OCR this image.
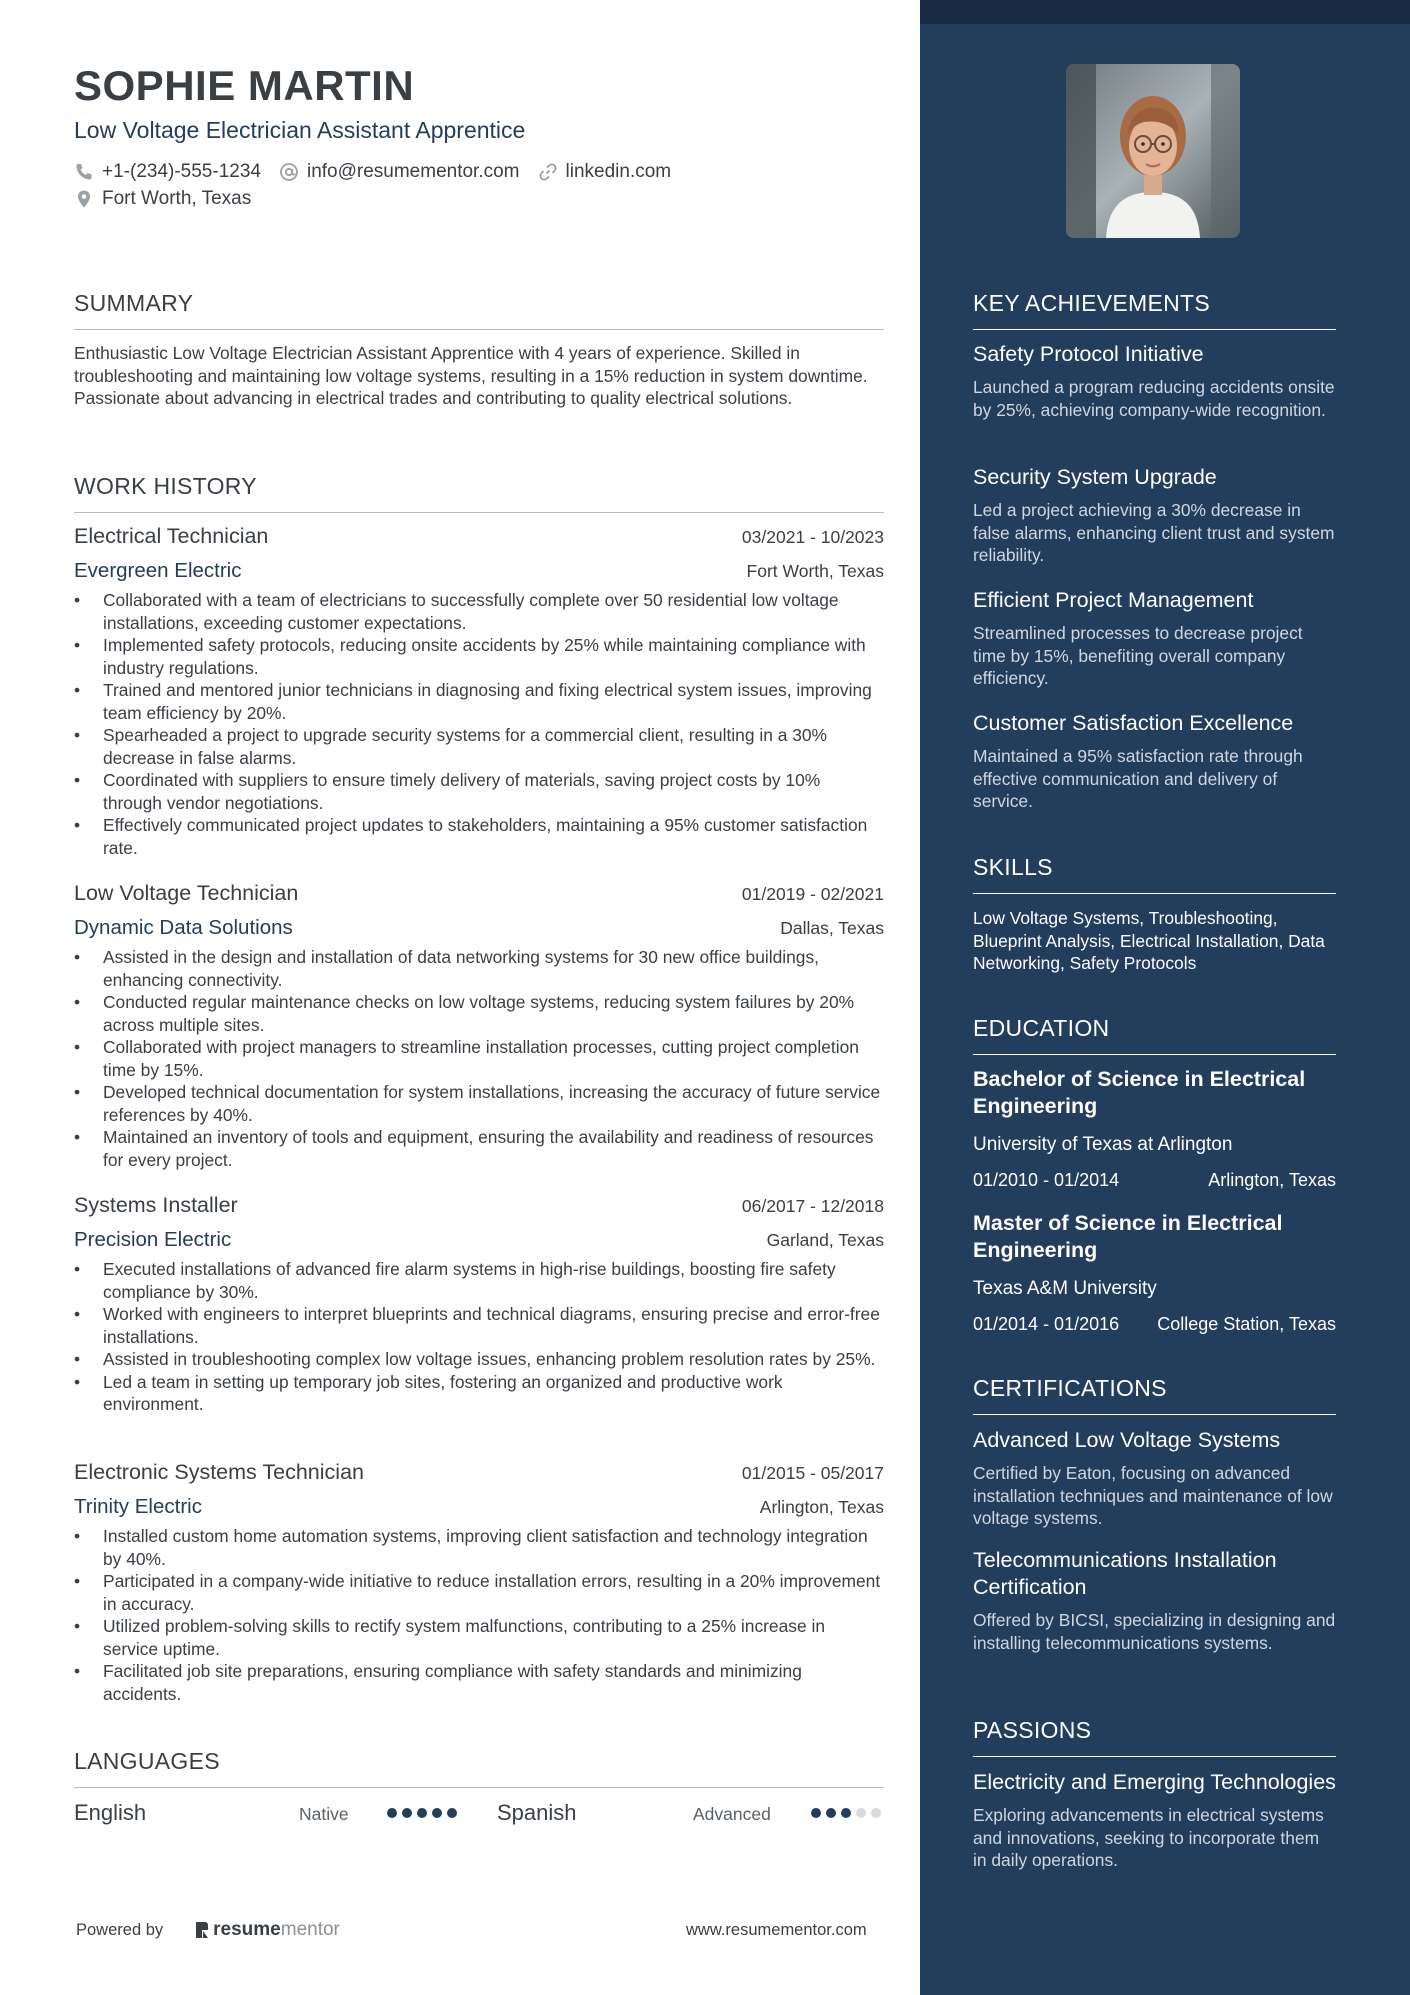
SOPHIE MARTIN
Low Voltage Electrician Assistant Apprentice
+1-(234)-555-1234 info@resumementor.com linkedin.com
Fort Worth, Texas
SUMMARY
Enthusiastic Low Voltage Electrician Assistant Apprentice with 4 years of experience. Skilled in troubleshooting and maintaining low voltage systems, resulting in a 15% reduction in system downtime. Passionate about advancing in electrical trades and contributing to quality electrical solutions.
WORK HISTORY
Electrical Technician	03/2021 - 10/2023
Evergreen Electric	Fort Worth, Texas
• Collaborated with a team of electricians to successfully complete over 50 residential low voltage installations, exceeding customer expectations.
• Implemented safety protocols, reducing onsite accidents by 25% while maintaining compliance with industry regulations.
• Trained and mentored junior technicians in diagnosing and fixing electrical system issues, improving team efficiency by 20%.
• Spearheaded a project to upgrade security systems for a commercial client, resulting in a 30% decrease in false alarms.
• Coordinated with suppliers to ensure timely delivery of materials, saving project costs by 10% through vendor negotiations.
• Effectively communicated project updates to stakeholders, maintaining a 95% customer satisfaction rate.
Low Voltage Technician	01/2019 - 02/2021
Dynamic Data Solutions	Dallas, Texas
• Assisted in the design and installation of data networking systems for 30 new office buildings, enhancing connectivity.
• Conducted regular maintenance checks on low voltage systems, reducing system failures by 20% across multiple sites.
• Collaborated with project managers to streamline installation processes, cutting project completion time by 15%.
• Developed technical documentation for system installations, increasing the accuracy of future service references by 40%.
• Maintained an inventory of tools and equipment, ensuring the availability and readiness of resources for every project.
Systems Installer	06/2017 - 12/2018
Precision Electric	Garland, Texas
• Executed installations of advanced fire alarm systems in high-rise buildings, boosting fire safety compliance by 30%.
• Worked with engineers to interpret blueprints and technical diagrams, ensuring precise and error-free installations.
• Assisted in troubleshooting complex low voltage issues, enhancing problem resolution rates by 25%.
• Led a team in setting up temporary job sites, fostering an organized and productive work environment.
Electronic Systems Technician	01/2015 - 05/2017
Trinity Electric	Arlington, Texas
• Installed custom home automation systems, improving client satisfaction and technology integration by 40%.
• Participated in a company-wide initiative to reduce installation errors, resulting in a 20% improvement in accuracy.
• Utilized problem-solving skills to rectify system malfunctions, contributing to a 25% increase in service uptime.
• Facilitated job site preparations, ensuring compliance with safety standards and minimizing accidents.
LANGUAGES
English	Native	Spanish	Advanced
Powered by	resume mentor	www.resumementor.com
KEY ACHIEVEMENTS
Safety Protocol Initiative
Launched a program reducing accidents onsite by 25%, achieving company-wide recognition.
Security System Upgrade
Led a project achieving a 30% decrease in false alarms, enhancing client trust and system reliability.
Efficient Project Management
Streamlined processes to decrease project time by 15%, benefiting overall company efficiency.
Customer Satisfaction Excellence
Maintained a 95% satisfaction rate through effective communication and delivery of service.
SKILLS
Low Voltage Systems, Troubleshooting, Blueprint Analysis, Electrical Installation, Data Networking, Safety Protocols
EDUCATION
Bachelor of Science in Electrical Engineering
University of Texas at Arlington
01/2010 - 01/2014	Arlington, Texas
Master of Science in Electrical Engineering
Texas A&M University
01/2014 - 01/2016 College Station, Texas
CERTIFICATIONS
Advanced Low Voltage Systems
Certified by Eaton, focusing on advanced installation techniques and maintenance of low voltage systems.
Telecommunications Installation Certification
Offered by BICSI, specializing in designing and installing telecommunications systems.
PASSIONS
Electricity and Emerging Technologies
Exploring advancements in electrical systems and innovations, seeking to incorporate them in daily operations.
